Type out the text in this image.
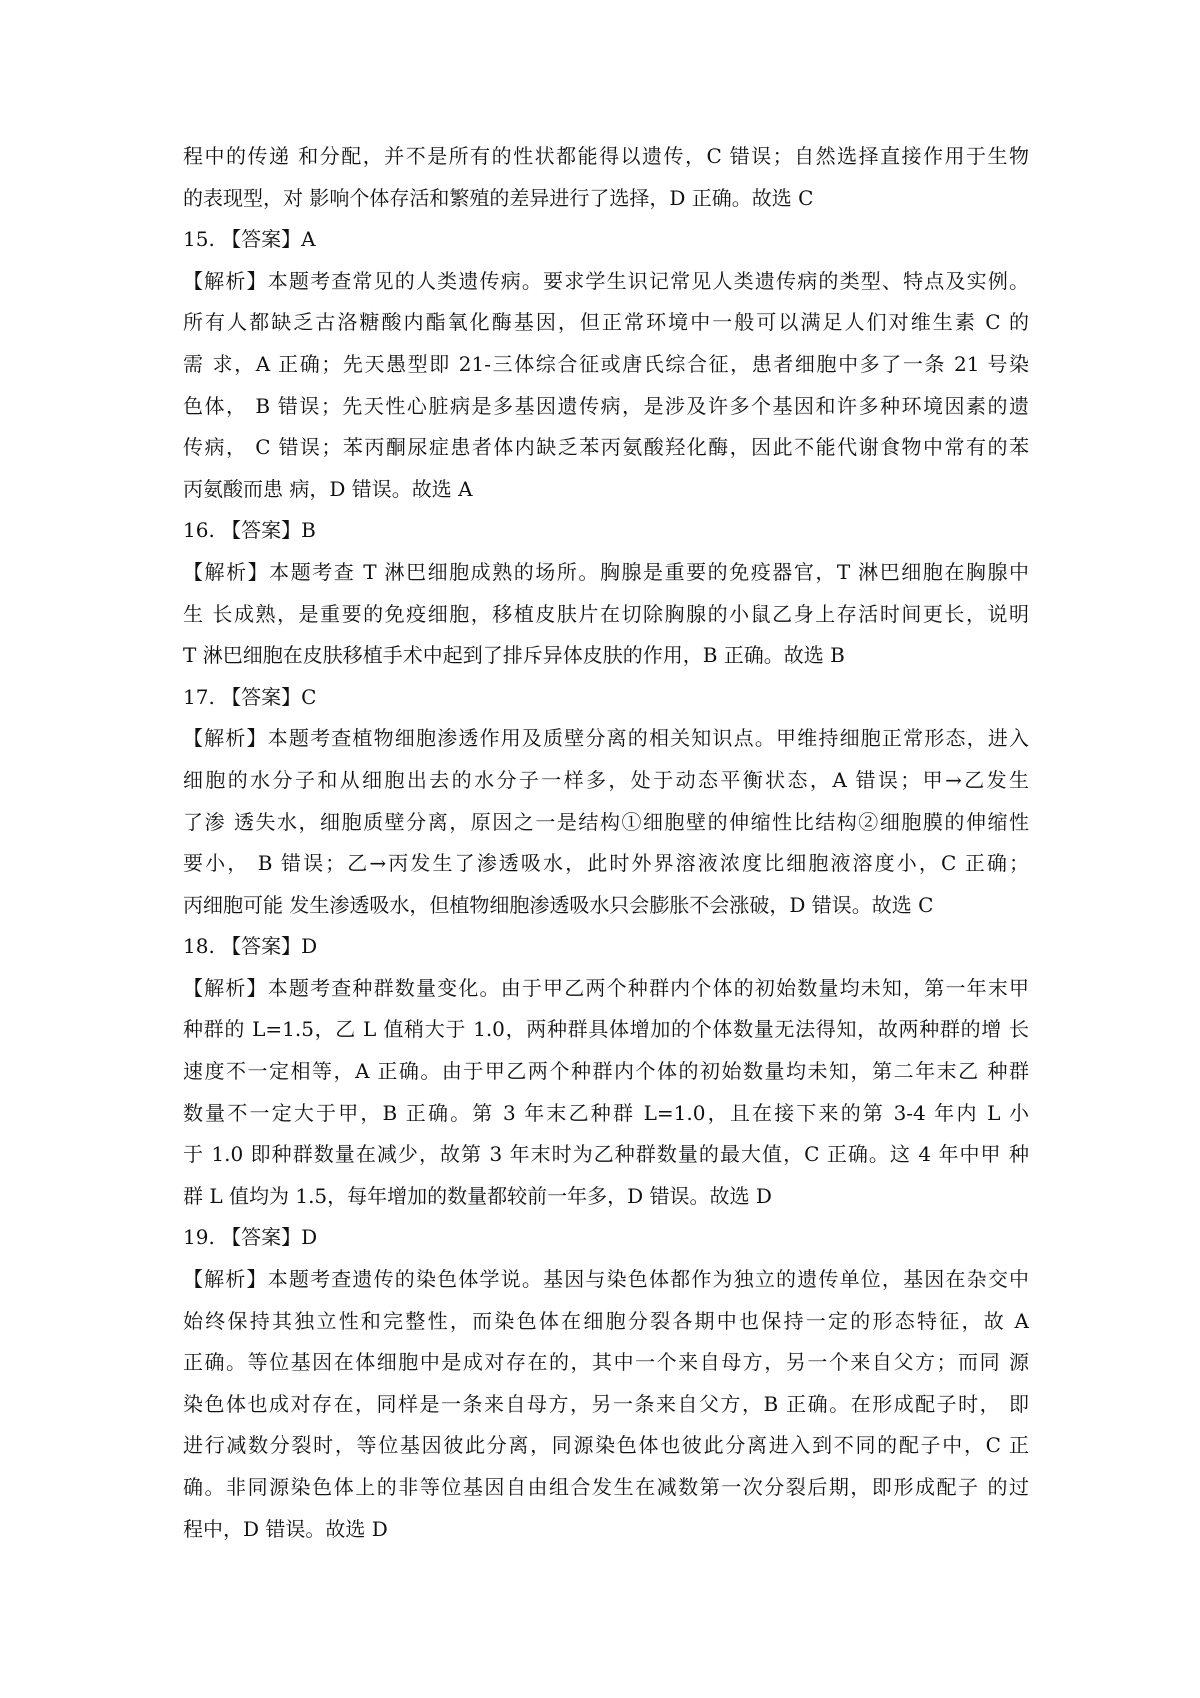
程中的传递 和分配，并不是所有的性状都能得以遗传，C 错误；自然选择直接作用于生物
的表现型，对 影响个体存活和繁殖的差异进行了选择，D 正确。故选 C
15. 【答案】A
【解析】本题考查常见的人类遗传病。要求学生识记常见人类遗传病的类型、特点及实例。
所有人都缺乏古洛糖酸内酯氧化酶基因，但正常环境中一般可以满足人们对维生素 C 的
需 求，A 正确；先天愚型即 21-三体综合征或唐氏综合征，患者细胞中多了一条 21 号染
色体， B 错误；先天性心脏病是多基因遗传病，是涉及许多个基因和许多种环境因素的遗
传病， C 错误；苯丙酮尿症患者体内缺乏苯丙氨酸羟化酶，因此不能代谢食物中常有的苯
丙氨酸而患 病，D 错误。故选 A
16. 【答案】B
【解析】本题考查 T 淋巴细胞成熟的场所。胸腺是重要的免疫器官，T 淋巴细胞在胸腺中
生 长成熟，是重要的免疫细胞，移植皮肤片在切除胸腺的小鼠乙身上存活时间更长，说明
T 淋巴细胞在皮肤移植手术中起到了排斥异体皮肤的作用，B 正确。故选 B
17. 【答案】C
【解析】本题考查植物细胞渗透作用及质壁分离的相关知识点。甲维持细胞正常形态，进入
细胞的水分子和从细胞出去的水分子一样多，处于动态平衡状态，A 错误；甲→乙发生
了渗 透失水，细胞质壁分离，原因之一是结构①细胞壁的伸缩性比结构②细胞膜的伸缩性
要小， B 错误；乙→丙发生了渗透吸水，此时外界溶液浓度比细胞液溶度小，C 正确；
丙细胞可能 发生渗透吸水，但植物细胞渗透吸水只会膨胀不会涨破，D 错误。故选 C
18. 【答案】D
【解析】本题考查种群数量变化。由于甲乙两个种群内个体的初始数量均未知，第一年末甲
种群的 L=1.5，乙 L 值稍大于 1.0，两种群具体增加的个体数量无法得知，故两种群的增 长
速度不一定相等，A 正确。由于甲乙两个种群内个体的初始数量均未知，第二年末乙 种群
数量不一定大于甲，B 正确。第 3 年末乙种群 L=1.0，且在接下来的第 3-4 年内 L 小
于 1.0 即种群数量在减少，故第 3 年末时为乙种群数量的最大值，C 正确。这 4 年中甲 种
群 L 值均为 1.5，每年增加的数量都较前一年多，D 错误。故选 D
19. 【答案】D
【解析】本题考查遗传的染色体学说。基因与染色体都作为独立的遗传单位，基因在杂交中
始终保持其独立性和完整性，而染色体在细胞分裂各期中也保持一定的形态特征，故 A
正确。等位基因在体细胞中是成对存在的，其中一个来自母方，另一个来自父方；而同 源
染色体也成对存在，同样是一条来自母方，另一条来自父方，B 正确。在形成配子时， 即
进行减数分裂时，等位基因彼此分离，同源染色体也彼此分离进入到不同的配子中，C 正
确。非同源染色体上的非等位基因自由组合发生在减数第一次分裂后期，即形成配子 的过
程中，D 错误。故选 D
